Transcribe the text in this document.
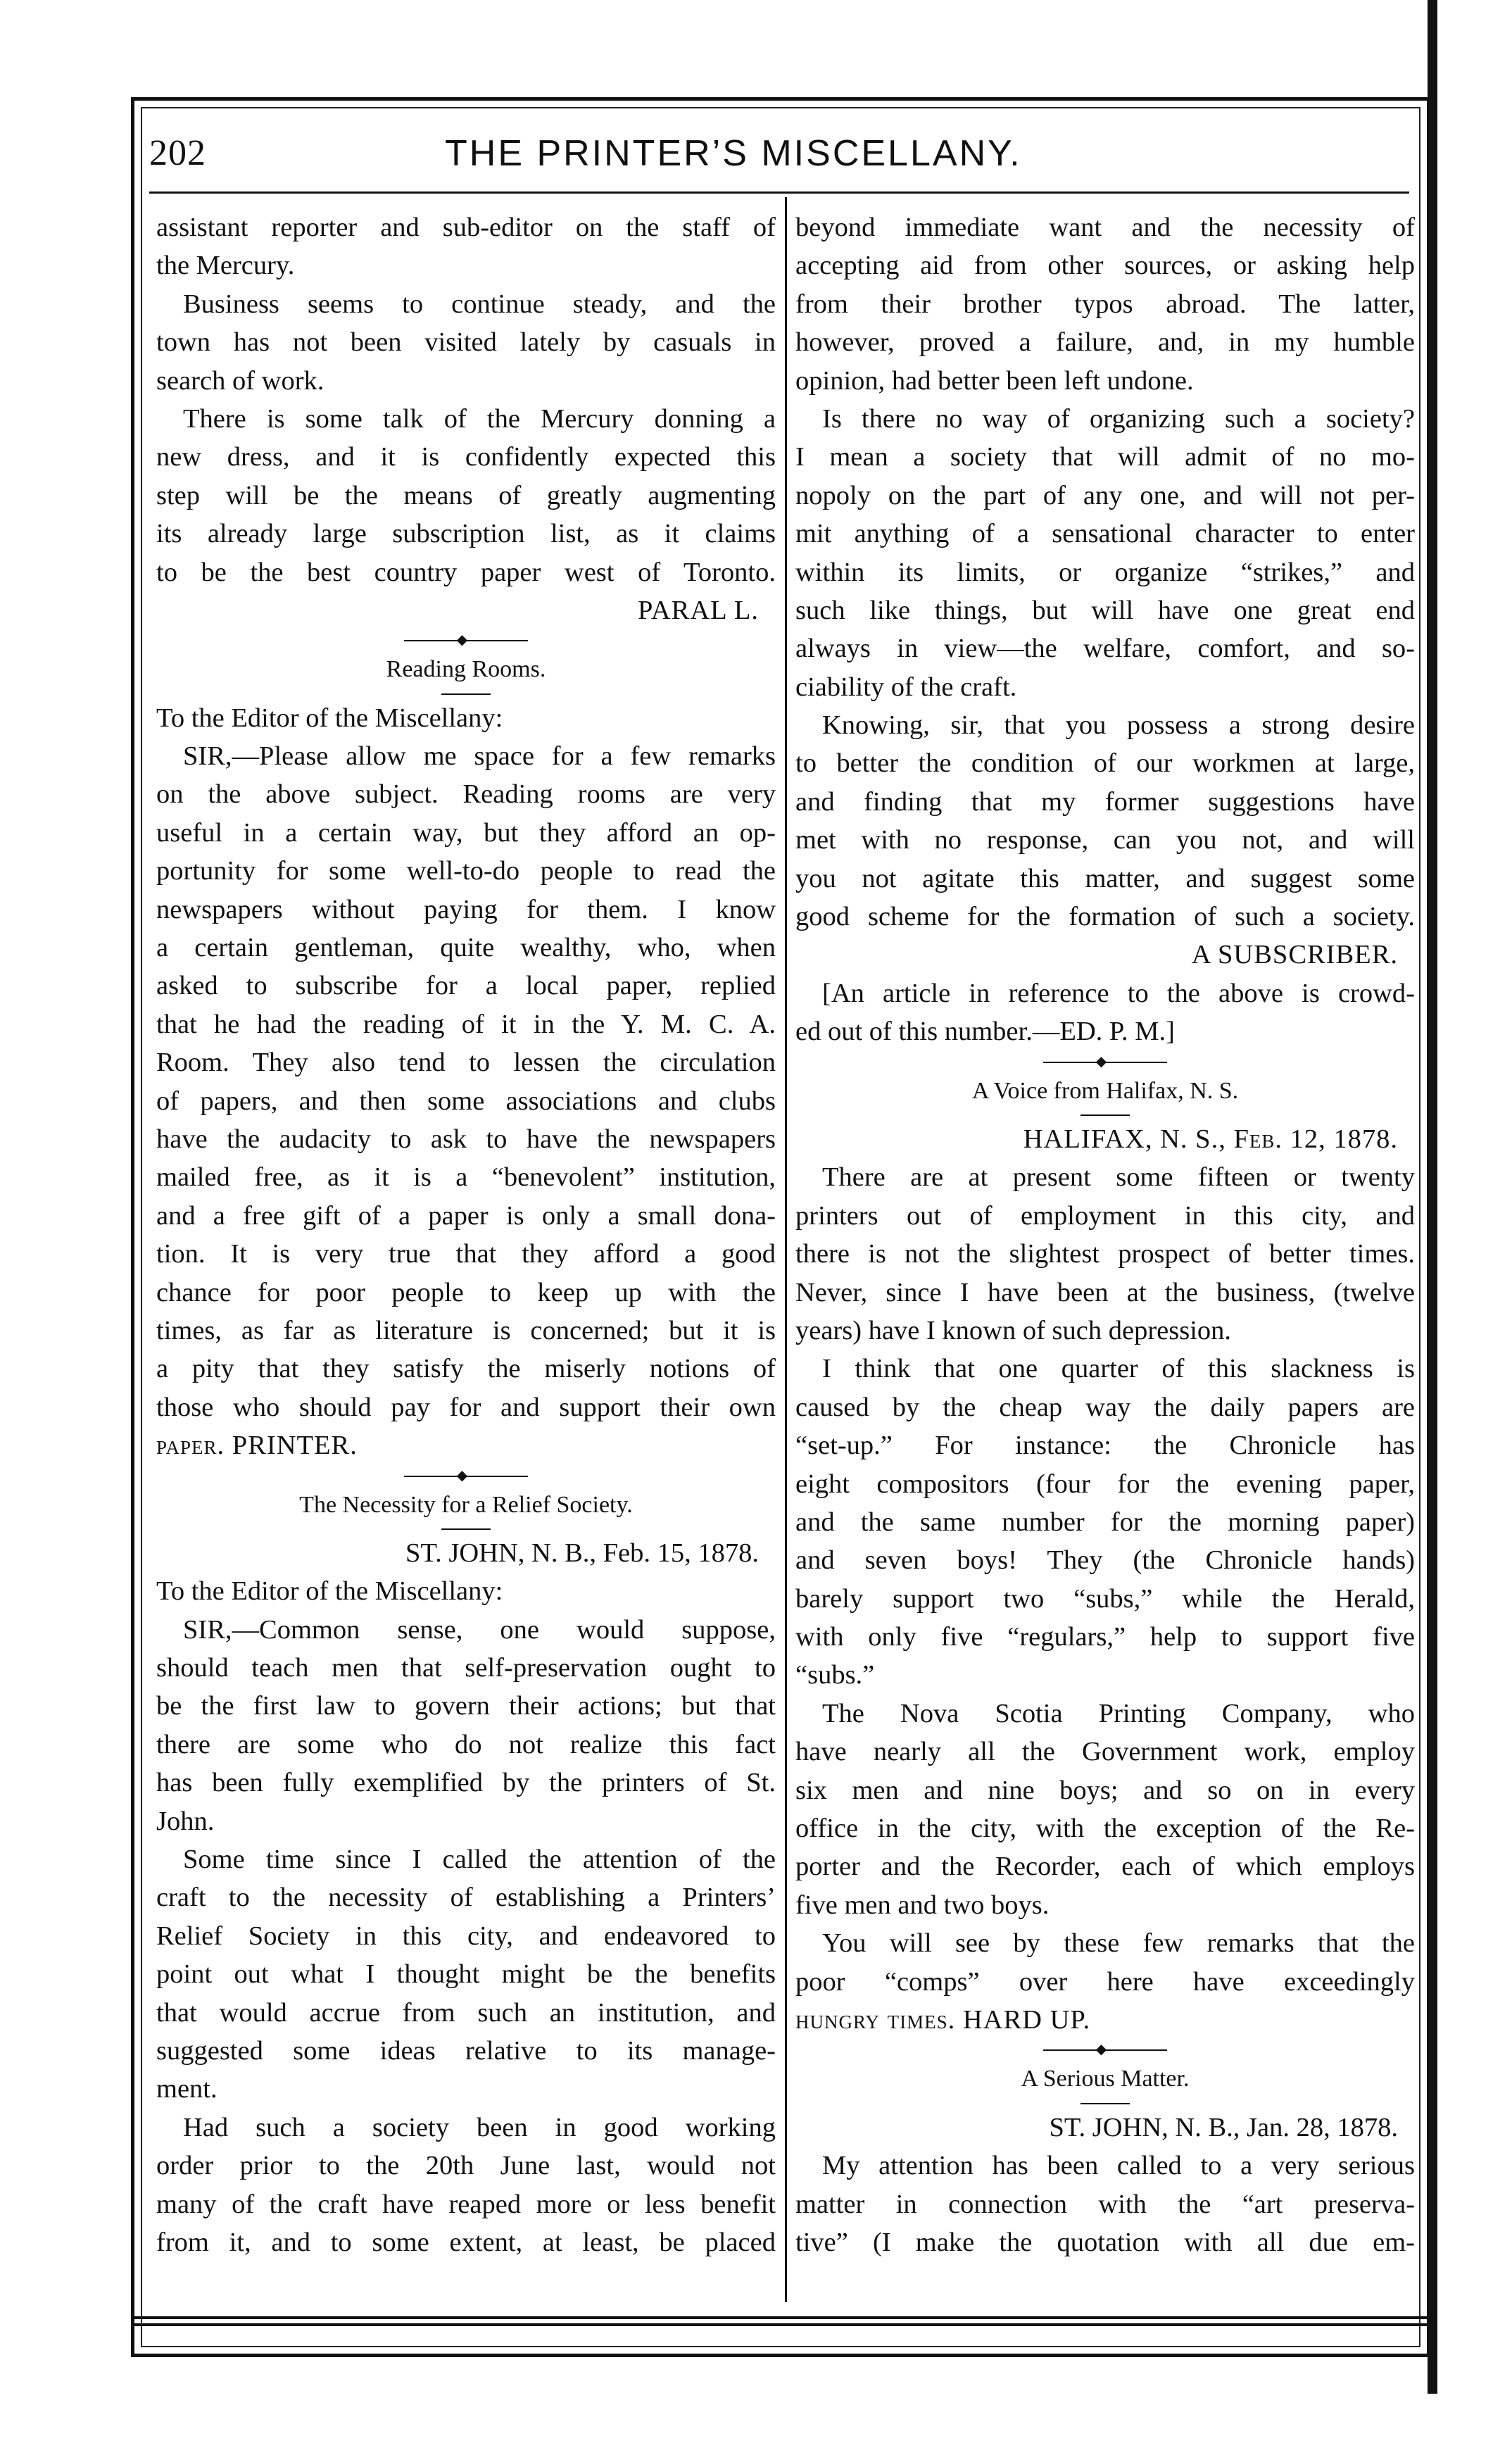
202	THE PRINTER’S MISCELLANY.
assistant reporter and sub-editor on the staff of
the Mercury.
Business seems to continue steady, and the
town has not been visited lately by casuals in
search of work.
There is some talk of the Mercury donning a
new dress, and it is confidently expected this
step will be the means of greatly augmenting
its already large subscription list, as it claims
to be the best country paper west of Toronto.
PARAL L.
◆
Reading Rooms.
To the Editor of the Miscellany:
SIR,—Please allow me space for a few remarks
on the above subject. Reading rooms are very
useful in a certain way, but they afford an op-
portunity for some well-to-do people to read the
newspapers without paying for them. I know
a certain gentleman, quite wealthy, who, when
asked to subscribe for a local paper, replied
that he had the reading of it in the Y. M. C. A.
Room. They also tend to lessen the circulation
of papers, and then some associations and clubs
have the audacity to ask to have the newspapers
mailed free, as it is a “benevolent” institution,
and a free gift of a paper is only a small dona-
tion. It is very true that they afford a good
chance for poor people to keep up with the
times, as far as literature is concerned; but it is
a pity that they satisfy the miserly notions of
those who should pay for and support their own
paper. PRINTER.
◆
The Necessity for a Relief Society.
ST. JOHN, N. B., Feb. 15, 1878.
To the Editor of the Miscellany:
SIR,—Common sense, one would suppose,
should teach men that self-preservation ought to
be the first law to govern their actions; but that
there are some who do not realize this fact
has been fully exemplified by the printers of St.
John.
Some time since I called the attention of the
craft to the necessity of establishing a Printers’
Relief Society in this city, and endeavored to
point out what I thought might be the benefits
that would accrue from such an institution, and
suggested some ideas relative to its manage-
ment.
Had such a society been in good working
order prior to the 20th June last, would not
many of the craft have reaped more or less benefit
from it, and to some extent, at least, be placed
beyond immediate want and the necessity of
accepting aid from other sources, or asking help
from their brother typos abroad. The latter,
however, proved a failure, and, in my humble
opinion, had better been left undone.
Is there no way of organizing such a society?
I mean a society that will admit of no mo-
nopoly on the part of any one, and will not per-
mit anything of a sensational character to enter
within its limits, or organize “strikes,” and
such like things, but will have one great end
always in view—the welfare, comfort, and so-
ciability of the craft.
Knowing, sir, that you possess a strong desire
to better the condition of our workmen at large,
and finding that my former suggestions have
met with no response, can you not, and will
you not agitate this matter, and suggest some
good scheme for the formation of such a society.
A SUBSCRIBER.
[An article in reference to the above is crowd-
ed out of this number.—ED. P. M.]
◆
A Voice from Halifax, N. S.
HALIFAX, N. S., Feb. 12, 1878.
There are at present some fifteen or twenty
printers out of employment in this city, and
there is not the slightest prospect of better times.
Never, since I have been at the business, (twelve
years) have I known of such depression.
I think that one quarter of this slackness is
caused by the cheap way the daily papers are
“set-up.” For instance: the Chronicle has
eight compositors (four for the evening paper,
and the same number for the morning paper)
and seven boys! They (the Chronicle hands)
barely support two “subs,” while the Herald,
with only five “regulars,” help to support five
“subs.”
The Nova Scotia Printing Company, who
have nearly all the Government work, employ
six men and nine boys; and so on in every
office in the city, with the exception of the Re-
porter and the Recorder, each of which employs
five men and two boys.
You will see by these few remarks that the
poor “comps” over here have exceedingly
hungry times. HARD UP.
◆
A Serious Matter.
ST. JOHN, N. B., Jan. 28, 1878.
My attention has been called to a very serious
matter in connection with the “art preserva-
tive” (I make the quotation with all due em-
